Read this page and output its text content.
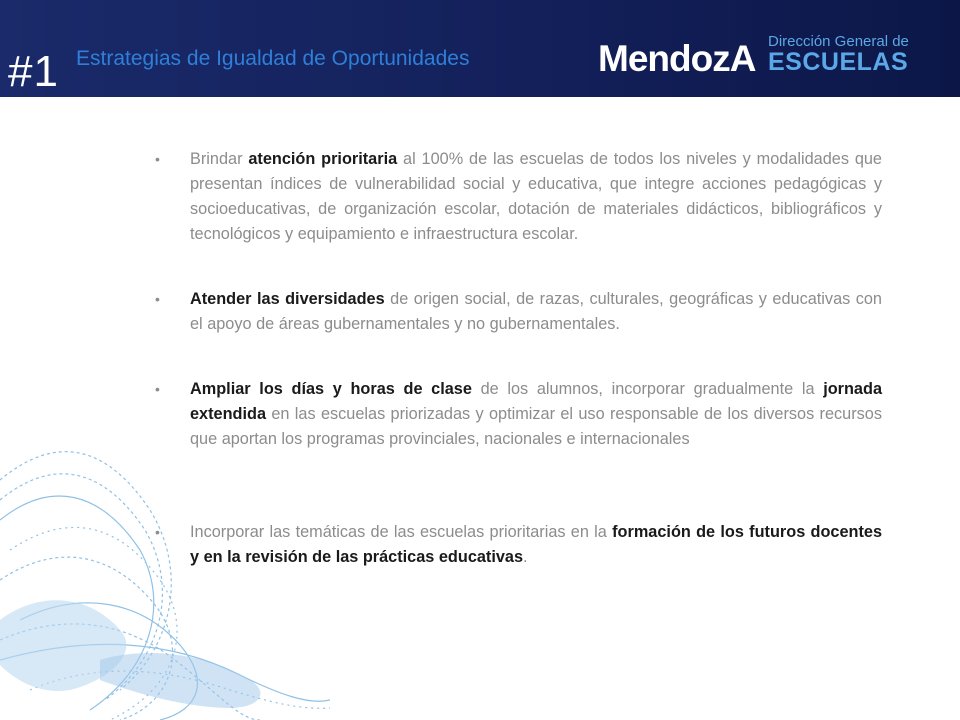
#1 Estrategias de Igualdad de Oportunidades	MendozA Dirección General de
ESCUELAS
• Brindar atención prioritaria al 100% de las escuelas de todos los niveles y modalidades que presentan índices de vulnerabilidad social y educativa, que integre acciones pedagógicas y socioeducativas, de organización escolar, dotación de materiales didácticos, bibliográficos y tecnológicos y equipamiento e infraestructura escolar.
• Atender las diversidades de origen social, de razas, culturales, geográficas y educativas con el apoyo de áreas gubernamentales y no gubernamentales.
• Ampliar los días y horas de clase de los alumnos, incorporar gradualmente la jornada extendida en las escuelas priorizadas y optimizar el uso responsable de los diversos recursos que aportan los programas provinciales, nacionales e internacionales
• Incorporar las temáticas de las escuelas prioritarias en la formación de los futuros docentes y en la revisión de las prácticas educativas.
